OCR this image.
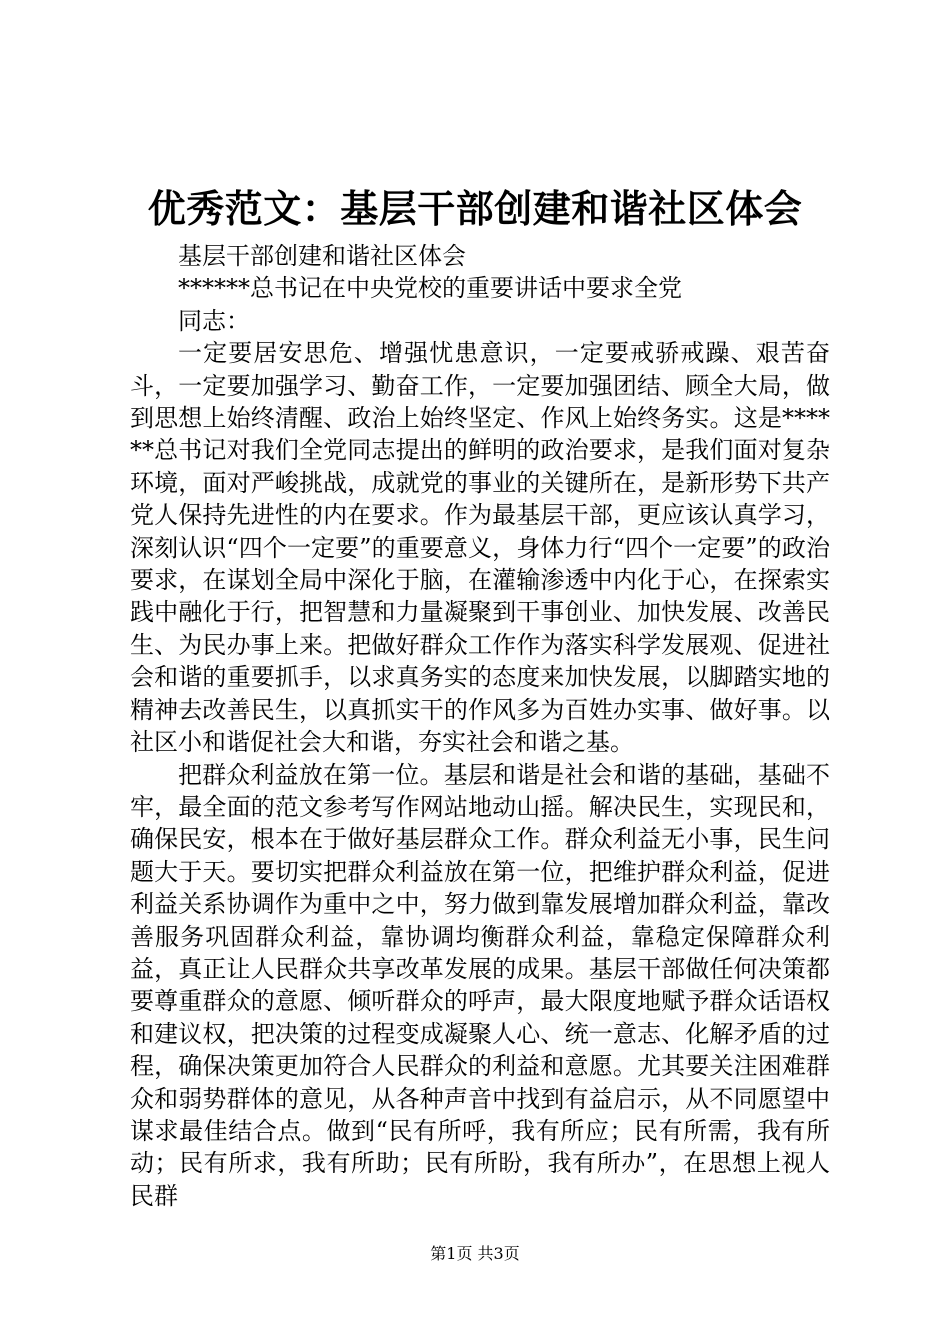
优秀范文：基层干部创建和谐社区体会

基层干部创建和谐社区体会

******总书记在中央党校的重要讲话中要求全党

同志：

一定要居安思危、增强忧患意识，一定要戒骄戒躁、艰苦奋斗，一定要加强学习、勤奋工作，一定要加强团结、顾全大局，做到思想上始终清醒、政治上始终坚定、作风上始终务实。这是******总书记对我们全党同志提出的鲜明的政治要求，是我们面对复杂环境，面对严峻挑战，成就党的事业的关键所在，是新形势下共产党人保持先进性的内在要求。作为最基层干部，更应该认真学习，深刻认识“四个一定要”的重要意义，身体力行“四个一定要”的政治要求，在谋划全局中深化于脑，在灌输渗透中内化于心，在探索实践中融化于行，把智慧和力量凝聚到干事创业、加快发展、改善民生、为民办事上来。把做好群众工作作为落实科学发展观、促进社会和谐的重要抓手，以求真务实的态度来加快发展，以脚踏实地的精神去改善民生，以真抓实干的作风多为百姓办实事、做好事。以社区小和谐促社会大和谐，夯实社会和谐之基。

把群众利益放在第一位。基层和谐是社会和谐的基础，基础不牢，最全面的范文参考写作网站地动山摇。解决民生，实现民和，确保民安，根本在于做好基层群众工作。群众利益无小事，民生问题大于天。要切实把群众利益放在第一位，把维护群众利益，促进利益关系协调作为重中之中，努力做到靠发展增加群众利益，靠改善服务巩固群众利益，靠协调均衡群众利益，靠稳定保障群众利益，真正让人民群众共享改革发展的成果。基层干部做任何决策都要尊重群众的意愿、倾听群众的呼声，最大限度地赋予群众话语权和建议权，把决策的过程变成凝聚人心、统一意志、化解矛盾的过程，确保决策更加符合人民群众的利益和意愿。尤其要关注困难群众和弱势群体的意见，从各种声音中找到有益启示，从不同愿望中谋求最佳结合点。做到“民有所呼，我有所应；民有所需，我有所动；民有所求，我有所助；民有所盼，我有所办”，在思想上视人民群

第1页 共3页
